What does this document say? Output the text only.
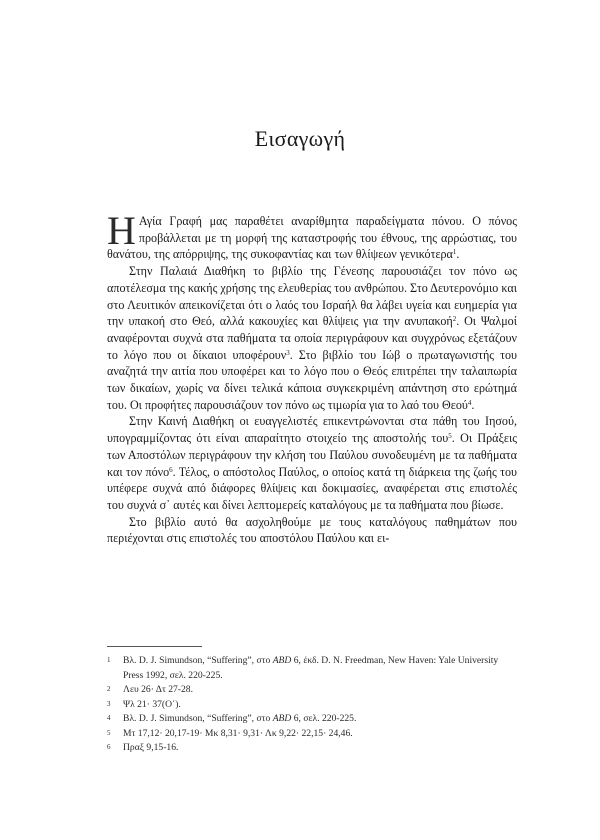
Εισαγωγή

Η Αγία Γραφή μας παραθέτει αναρίθμητα παραδείγματα πόνου. Ο πόνος προβάλλεται με τη μορφή της καταστροφής του έθνους, της αρρώστιας, του θανάτου, της απόρριψης, της συκοφαντίας και των θλίψεων γενικότερα$^1$.

Στην Παλαιά Διαθήκη το βιβλίο της Γένεσης παρουσιάζει τον πόνο ως αποτέλεσμα της κακής χρήσης της ελευθερίας του ανθρώπου. Στο Δευτερονόμιο και στο Λευιτικόν απεικονίζεται ότι ο λαός του Ισραήλ θα λάβει υγεία και ευημερία για την υπακοή στο Θεό, αλλά κακουχίες και θλίψεις για την ανυπακοή$^2$. Οι Ψαλμοί αναφέρονται συχνά στα παθήματα τα οποία περιγράφουν και συγχρόνως εξετάζουν το λόγο που οι δίκαιοι υποφέρουν$^3$. Στο βιβλίο του Ιώβ ο πρωταγωνιστής του αναζητά την αιτία που υποφέρει και το λόγο που ο Θεός επιτρέπει την ταλαιπωρία των δικαίων, χωρίς να δίνει τελικά κάποια συγκεκριμένη απάντηση στο ερώτημά του. Οι προφήτες παρουσιάζουν τον πόνο ως τιμωρία για το λαό του Θεού$^4$.

Στην Καινή Διαθήκη οι ευαγγελιστές επικεντρώνονται στα πάθη του Ιησού, υπογραμμίζοντας ότι είναι απαραίτητο στοιχείο της αποστολής του$^5$. Οι Πράξεις των Αποστόλων περιγράφουν την κλήση του Παύλου συνοδευμένη με τα παθήματα και τον πόνο$^6$. Τέλος, ο απόστολος Παύλος, ο οποίος κατά τη διάρκεια της ζωής του υπέφερε συχνά από διάφορες θλίψεις και δοκιμασίες, αναφέρεται στις επιστολές του συχνά σ᾽ αυτές και δίνει λεπτομερείς καταλόγους με τα παθήματα που βίωσε.

Στο βιβλίο αυτό θα ασχοληθούμε με τους καταλόγους παθημάτων που περιέχονται στις επιστολές του αποστόλου Παύλου και ει-

1 Βλ. D. J. Simundson, “Suffering”, στο ABD 6, έκδ. D. N. Freedman, New Haven: Yale University Press 1992, σελ. 220-225.
2 Λευ 26· Δτ 27-28.
3 Ψλ 21· 37(Ο΄).
4 Βλ. D. J. Simundson, “Suffering”, στο ABD 6, σελ. 220-225.
5 Μτ 17,12· 20,17-19· Μκ 8,31· 9,31· Λκ 9,22· 22,15· 24,46.
6 Πραξ 9,15-16.
